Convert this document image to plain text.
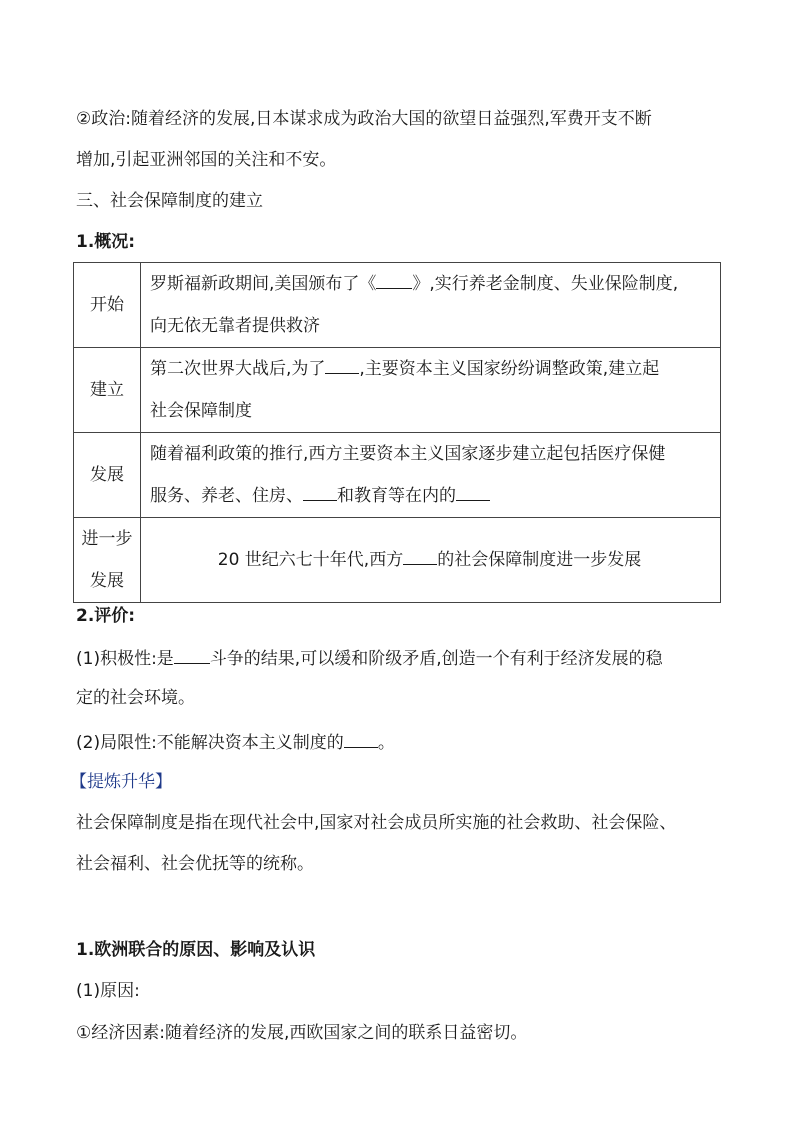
②政治:随着经济的发展,日本谋求成为政治大国的欲望日益强烈,军费开支不断
增加,引起亚洲邻国的关注和不安。
三、社会保障制度的建立
1.概况:
开始	罗斯福新政期间,美国颁布了《 》,实行养老金制度、失业保险制度,
向无依无靠者提供救济

建立	第二次世界大战后,为了 ,主要资本主义国家纷纷调整政策,建立起
社会保障制度

发展	随着福利政策的推行,西方主要资本主义国家逐步建立起包括医疗保健
服务、养老、住房、 和教育等在内的

进一步
发展	20 世纪六七十年代,西方 的社会保障制度进一步发展
2.评价:
(1)积极性:是 斗争的结果,可以缓和阶级矛盾,创造一个有利于经济发展的稳
定的社会环境。
(2)局限性:不能解决资本主义制度的 。
【提炼升华】
社会保障制度是指在现代社会中,国家对社会成员所实施的社会救助、社会保险、
社会福利、社会优抚等的统称。
1.欧洲联合的原因、影响及认识
(1)原因:
①经济因素:随着经济的发展,西欧国家之间的联系日益密切。
